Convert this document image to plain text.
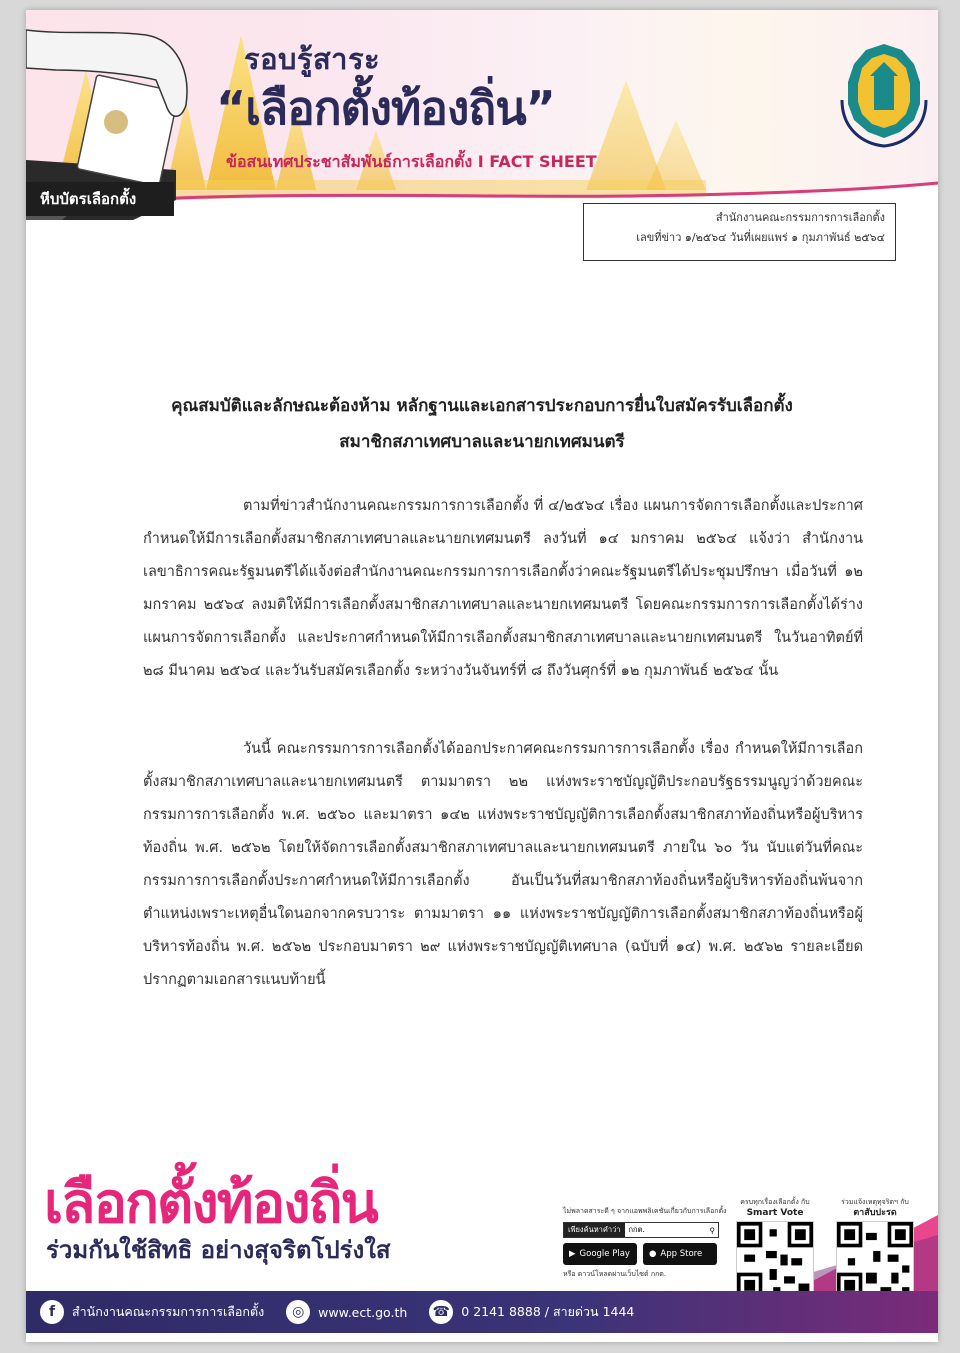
หีบบัตรเลือกตั้ง
รอบรู้สาระ
“เลือกตั้งท้องถิ่น”
ข้อสนเทศประชาสัมพันธ์การเลือกตั้ง I FACT SHEET
สำนักงานคณะกรรมการการเลือกตั้ง
เลขที่ข่าว ๑/๒๕๖๔ วันที่เผยแพร่ ๑ กุมภาพันธ์ ๒๕๖๔
คุณสมบัติและลักษณะต้องห้าม หลักฐานและเอกสารประกอบการยื่นใบสมัครรับเลือกตั้ง
สมาชิกสภาเทศบาลและนายกเทศมนตรี

ตามที่ข่าวสำนักงานคณะกรรมการการเลือกตั้ง ที่ ๔/๒๕๖๔ เรื่อง แผนการจัดการเลือกตั้งและประกาศกำหนดให้มีการเลือกตั้งสมาชิกสภาเทศบาลและนายกเทศมนตรี ลงวันที่ ๑๔ มกราคม ๒๕๖๔ แจ้งว่า สำนักงานเลขาธิการคณะรัฐมนตรีได้แจ้งต่อสำนักงานคณะกรรมการการเลือกตั้งว่าคณะรัฐมนตรีได้ประชุมปรึกษา เมื่อวันที่ ๑๒ มกราคม ๒๕๖๔ ลงมติให้มีการเลือกตั้งสมาชิกสภาเทศบาลและนายกเทศมนตรี โดยคณะกรรมการการเลือกตั้งได้ร่างแผนการจัดการเลือกตั้ง และประกาศกำหนดให้มีการเลือกตั้งสมาชิกสภาเทศบาลและนายกเทศมนตรี ในวันอาทิตย์ที่ ๒๘ มีนาคม ๒๕๖๔ และวันรับสมัครเลือกตั้ง ระหว่างวันจันทร์ที่ ๘ ถึงวันศุกร์ที่ ๑๒ กุมภาพันธ์ ๒๕๖๔ นั้น

วันนี้ คณะกรรมการการเลือกตั้งได้ออกประกาศคณะกรรมการการเลือกตั้ง เรื่อง กำหนดให้มีการเลือกตั้งสมาชิกสภาเทศบาลและนายกเทศมนตรี ตามมาตรา ๒๒ แห่งพระราชบัญญัติประกอบรัฐธรรมนูญว่าด้วยคณะกรรมการการเลือกตั้ง พ.ศ. ๒๕๖๐ และมาตรา ๑๔๒ แห่งพระราชบัญญัติการเลือกตั้งสมาชิกสภาท้องถิ่นหรือผู้บริหารท้องถิ่น พ.ศ. ๒๕๖๒ โดยให้จัดการเลือกตั้งสมาชิกสภาเทศบาลและนายกเทศมนตรี ภายใน ๖๐ วัน นับแต่วันที่คณะกรรมการการเลือกตั้งประกาศกำหนดให้มีการเลือกตั้ง อันเป็นวันที่สมาชิกสภาท้องถิ่นหรือผู้บริหารท้องถิ่นพ้นจากตำแหน่งเพราะเหตุอื่นใดนอกจากครบวาระ ตามมาตรา ๑๑ แห่งพระราชบัญญัติการเลือกตั้งสมาชิกสภาท้องถิ่นหรือผู้บริหารท้องถิ่น พ.ศ. ๒๕๖๒ ประกอบมาตรา ๒๙ แห่งพระราชบัญญัติเทศบาล (ฉบับที่ ๑๔) พ.ศ. ๒๕๖๒ รายละเอียดปรากฏตามเอกสารแนบท้ายนี้

เลือกตั้งท้องถิ่น
ร่วมกันใช้สิทธิ อย่างสุจริตโปร่งใส
ไม่พลาดสาระดี ๆ จากแอพพลิเคชันเกี่ยวกับการเลือกตั้ง
เพียงค้นหาคำว่า	กกต.	⚲
▶ Google Play ● App Store
หรือ ดาวน์โหลดผ่านเว็บไซต์ กกต.
ครบทุกเรื่องเลือกตั้ง กับ
Smart Vote
ร่วมแจ้งเหตุทุจริตฯ กับ
ตาสับปะรด
f	สำนักงานคณะกรรมการการเลือกตั้ง	◎	www.ect.go.th ☎ 0 2141 8888 / สายด่วน 1444
